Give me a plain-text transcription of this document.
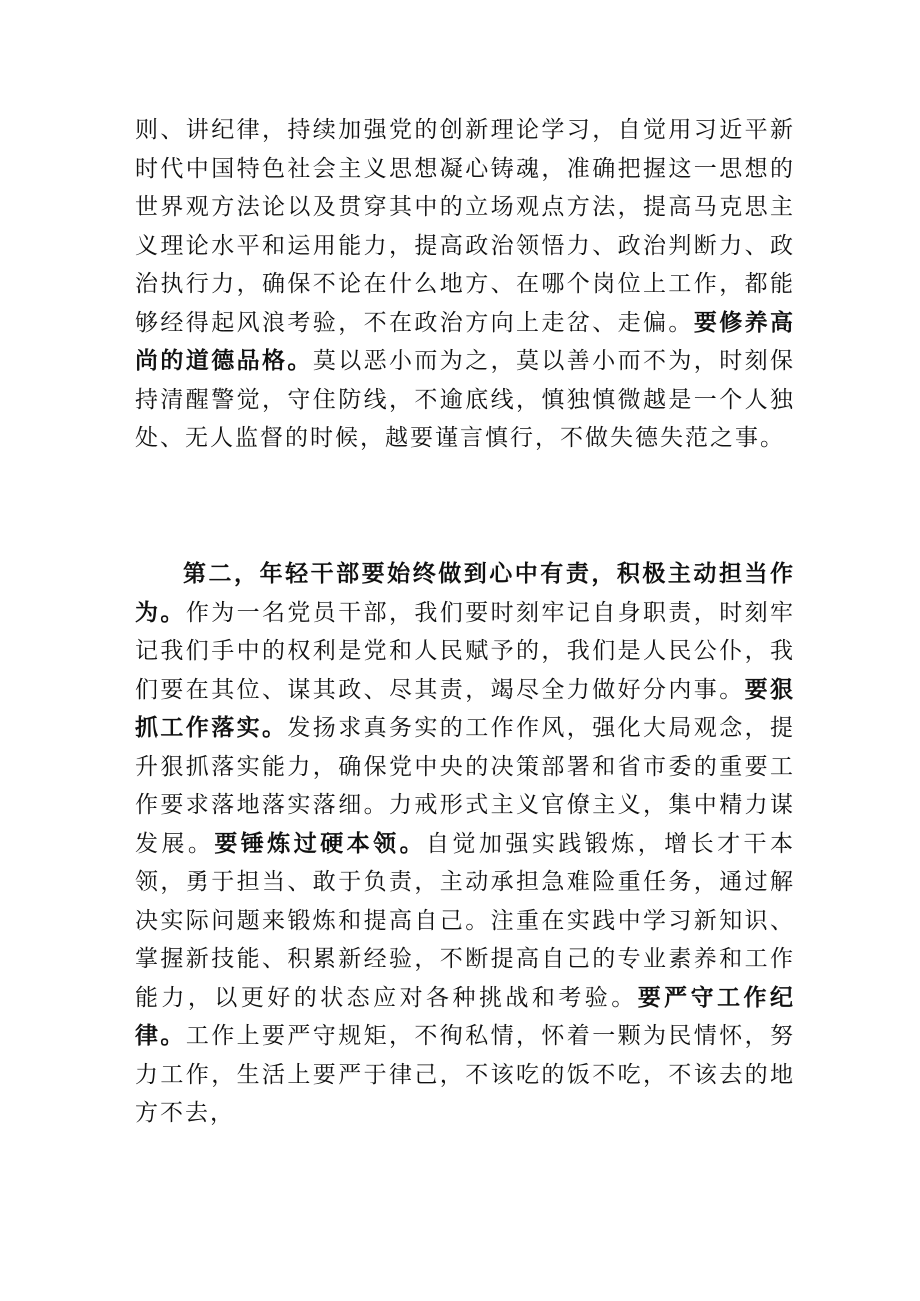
则、讲纪律，持续加强党的创新理论学习，自觉用习近平新时代中国特色社会主义思想凝心铸魂，准确把握这一思想的世界观方法论以及贯穿其中的立场观点方法，提高马克思主义理论水平和运用能力，提高政治领悟力、政治判断力、政治执行力，确保不论在什么地方、在哪个岗位上工作，都能够经得起风浪考验，不在政治方向上走岔、走偏。要修养高尚的道德品格。莫以恶小而为之，莫以善小而不为，时刻保持清醒警觉，守住防线，不逾底线，慎独慎微越是一个人独处、无人监督的时候，越要谨言慎行，不做失德失范之事。
第二，年轻干部要始终做到心中有责，积极主动担当作为。作为一名党员干部，我们要时刻牢记自身职责，时刻牢记我们手中的权利是党和人民赋予的，我们是人民公仆，我们要在其位、谋其政、尽其责，竭尽全力做好分内事。要狠抓工作落实。发扬求真务实的工作作风，强化大局观念，提升狠抓落实能力，确保党中央的决策部署和省市委的重要工作要求落地落实落细。力戒形式主义官僚主义，集中精力谋发展。要锤炼过硬本领。自觉加强实践锻炼，增长才干本领，勇于担当、敢于负责，主动承担急难险重任务，通过解决实际问题来锻炼和提高自己。注重在实践中学习新知识、掌握新技能、积累新经验，不断提高自己的专业素养和工作能力，以更好的状态应对各种挑战和考验。要严守工作纪律。工作上要严守规矩，不徇私情，怀着一颗为民情怀，努力工作，生活上要严于律己，不该吃的饭不吃，不该去的地方不去，
